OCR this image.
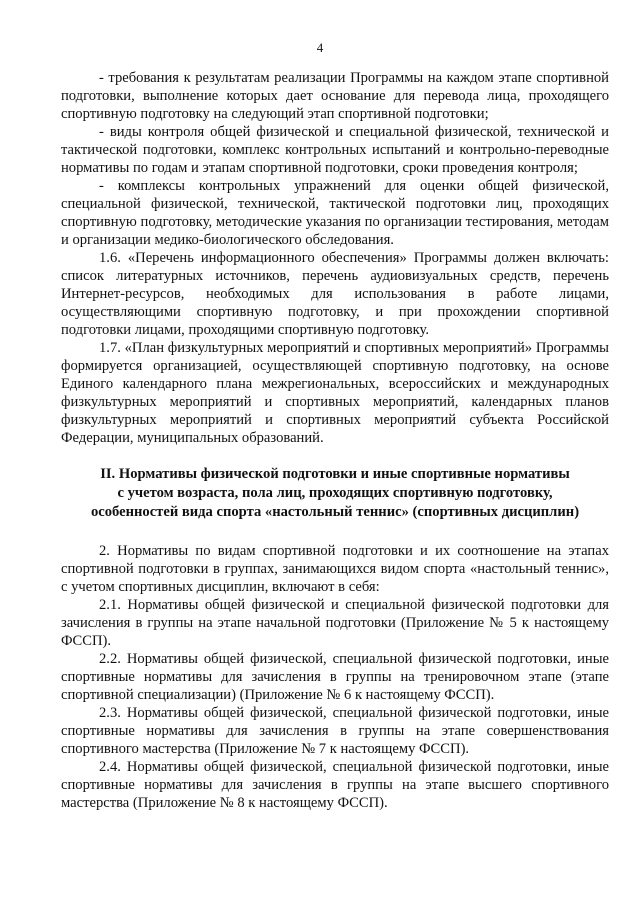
4

- требования к результатам реализации Программы на каждом этапе спортивной подготовки, выполнение которых дает основание для перевода лица, проходящего спортивную подготовку на следующий этап спортивной подготовки;

- виды контроля общей физической и специальной физической, технической и тактической подготовки, комплекс контрольных испытаний и контрольно-переводные нормативы по годам и этапам спортивной подготовки, сроки проведения контроля;

- комплексы контрольных упражнений для оценки общей физической, специальной физической, технической, тактической подготовки лиц, проходящих спортивную подготовку, методические указания по организации тестирования, методам и организации медико-биологического обследования.

1.6. «Перечень информационного обеспечения» Программы должен включать: список литературных источников, перечень аудиовизуальных средств, перечень Интернет-ресурсов, необходимых для использования в работе лицами, осуществляющими спортивную подготовку, и при прохождении спортивной подготовки лицами, проходящими спортивную подготовку.

1.7. «План физкультурных мероприятий и спортивных мероприятий» Программы формируется организацией, осуществляющей спортивную подготовку, на основе Единого календарного плана межрегиональных, всероссийских и международных физкультурных мероприятий и спортивных мероприятий, календарных планов физкультурных мероприятий и спортивных мероприятий субъекта Российской Федерации, муниципальных образований.

II. Нормативы физической подготовки и иные спортивные нормативы
с учетом возраста, пола лиц, проходящих спортивную подготовку,
особенностей вида спорта «настольный теннис» (спортивных дисциплин)

2. Нормативы по видам спортивной подготовки и их соотношение на этапах спортивной подготовки в группах, занимающихся видом спорта «настольный теннис», с учетом спортивных дисциплин, включают в себя:

2.1. Нормативы общей физической и специальной физической подготовки для зачисления в группы на этапе начальной подготовки (Приложение № 5 к настоящему ФССП).

2.2. Нормативы общей физической, специальной физической подготовки, иные спортивные нормативы для зачисления в группы на тренировочном этапе (этапе спортивной специализации) (Приложение № 6 к настоящему ФССП).

2.3. Нормативы общей физической, специальной физической подготовки, иные спортивные нормативы для зачисления в группы на этапе совершенствования спортивного мастерства (Приложение № 7 к настоящему ФССП).

2.4. Нормативы общей физической, специальной физической подготовки, иные спортивные нормативы для зачисления в группы на этапе высшего спортивного мастерства (Приложение № 8 к настоящему ФССП).
